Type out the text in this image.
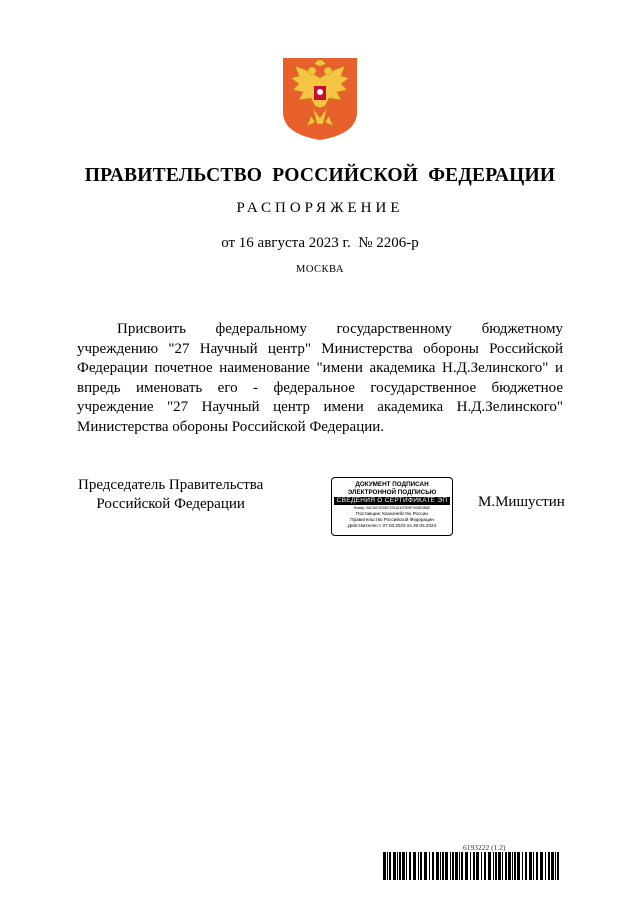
ПРАВИТЕЛЬСТВО  РОССИЙСКОЙ  ФЕДЕРАЦИИ
РАСПОРЯЖЕНИЕ
от 16 августа 2023 г.  № 2206-р
МОСКВА
Присвоить федеральному государственному бюджетному учреждению "27 Научный центр" Министерства обороны Российской Федерации почетное наименование "имени академика Н.Д.Зелинского" и впредь именовать его - федеральное государственное бюджетное учреждение "27 Научный центр имени академика Н.Д.Зелинского" Министерства обороны Российской Федерации.
Председатель Правительства
Российской Федерации
ДОКУМЕНТ ПОДПИСАН
ЭЛЕКТРОННОЙ ПОДПИСЬЮ
СВЕДЕНИЯ О СЕРТИФИКАТЕ ЭП
Номер: 3ACSA7020DC3761E1FDE9F7605E3B8E
Поставщик: Казначейство России
Правительство Российской Федерации
Действителен с 07.03.2023 по 30.05.2024
М.Мишустин
6193222 (1.2)
